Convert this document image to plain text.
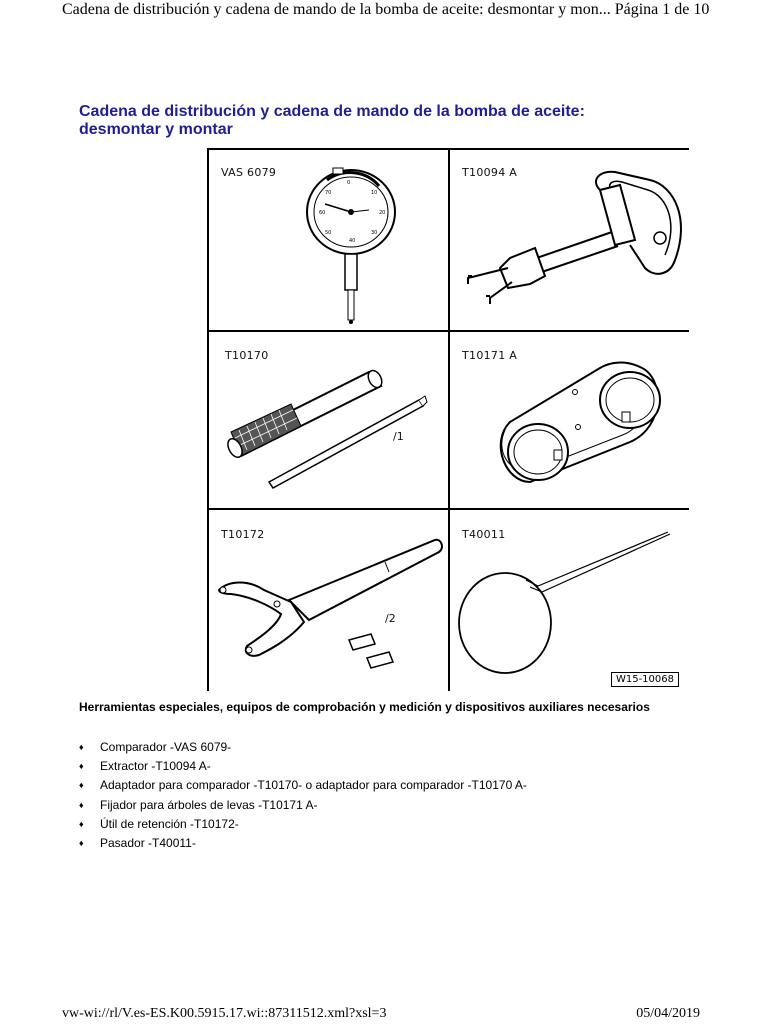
Cadena de distribución y cadena de mando de la bomba de aceite: desmontar y mon... Página 1 de 10
Cadena de distribución y cadena de mando de la bomba de aceite:
desmontar y montar
VAS 6079
0
10
20
30
40
50
60
70
T10094 A
T10170
/1
T10171 A
T10172
/2
T40011
W15-10068
Herramientas especiales, equipos de comprobación y medición y dispositivos auxiliares necesarios
♦ Comparador -VAS 6079-
♦ Extractor -T10094 A-
♦ Adaptador para comparador -T10170- o adaptador para comparador -T10170 A-
♦ Fijador para árboles de levas -T10171 A-
♦ Útil de retención -T10172-
♦ Pasador -T40011-
vw-wi://rl/V.es-ES.K00.5915.17.wi::87311512.xml?xsl=3	05/04/2019
